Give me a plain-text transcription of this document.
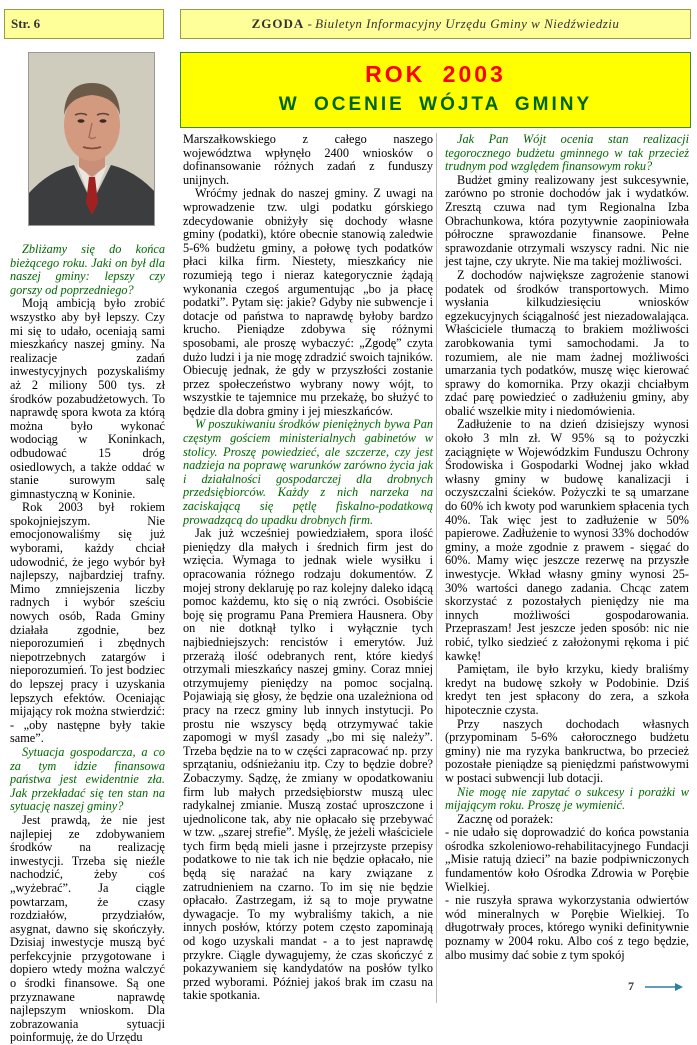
Str. 6	ZGODA - Biuletyn Informacyjny Urzędu Gminy w Niedźwiedziu
ROK 2003
W OCENIE WÓJTA GMINY

Zbliżamy się do końca bieżącego roku. Jaki on był dla naszej gminy: lepszy czy gorszy od poprzedniego?

Moją ambicją było zrobić wszystko aby był lepszy. Czy mi się to udało, oceniają sami mieszkańcy naszej gminy. Na realizacje zadań inwestycyjnych pozyskaliśmy aż 2 miliony 500 tys. zł środków pozabudżetowych. To naprawdę spora kwota za którą można było wykonać wodociąg w Koninkach, odbudować 15 dróg osiedlowych, a także oddać w stanie surowym salę gimnastyczną w Koninie.

Rok 2003 był rokiem spokojniejszym. Nie emocjonowaliśmy się już wyborami, każdy chciał udowodnić, że jego wybór był najlepszy, najbardziej trafny. Mimo zmniejszenia liczby radnych i wybór sześciu nowych osób, Rada Gminy działała zgodnie, bez nieporozumień i zbędnych niepotrzebnych zatargów i nieporozumień. To jest bodziec do lepszej pracy i uzyskania lepszych efektów. Oceniając mijający rok można stwierdzić: - „oby następne były takie same”.

Sytuacja gospodarcza, a co za tym idzie finansowa państwa jest ewidentnie zła. Jak przekładać się ten stan na sytuację naszej gminy?

Jest prawdą, że nie jest najlepiej ze zdobywaniem środków na realizację inwestycji. Trzeba się nieźle nachodzić, żeby coś „wyżebrać”. Ja ciągle powtarzam, że czasy rozdziałów, przydziałów, asygnat, dawno się skończyły. Dzisiaj inwestycje muszą być perfekcyjnie przygotowane i dopiero wtedy można walczyć o środki finansowe. Są one przyznawane naprawdę najlepszym wnioskom. Dla zobrazowania sytuacji poinformuję, że do Urzędu

Marszałkowskiego z całego naszego województwa wpłynęło 2400 wniosków o dofinansowanie różnych zadań z funduszy unijnych.

Wróćmy jednak do naszej gminy. Z uwagi na wprowadzenie tzw. ulgi podatku górskiego zdecydowanie obniżyły się dochody własne gminy (podatki), które obecnie stanowią zaledwie 5-6% budżetu gminy, a połowę tych podatków płaci kilka firm. Niestety, mieszkańcy nie rozumieją tego i nieraz kategorycznie żądają wykonania czegoś argumentując „bo ja płacę podatki”. Pytam się: jakie? Gdyby nie subwencje i dotacje od państwa to naprawdę byłoby bardzo krucho. Pieniądze zdobywa się różnymi sposobami, ale proszę wybaczyć: „Zgodę” czyta dużo ludzi i ja nie mogę zdradzić swoich tajników. Obiecuję jednak, że gdy w przyszłości zostanie przez społeczeństwo wybrany nowy wójt, to wszystkie te tajemnice mu przekażę, bo służyć to będzie dla dobra gminy i jej mieszkańców.

W poszukiwaniu środków pieniężnych bywa Pan częstym gościem ministerialnych gabinetów w stolicy. Proszę powiedzieć, ale szczerze, czy jest nadzieja na poprawę warunków zarówno życia jak i działalności gospodarczej dla drobnych przedsiębiorców. Każdy z nich narzeka na zaciskającą się pętlę fiskalno-podatkową prowadzącą do upadku drobnych firm.

Jak już wcześniej powiedziałem, spora ilość pieniędzy dla małych i średnich firm jest do wzięcia. Wymaga to jednak wiele wysiłku i opracowania różnego rodzaju dokumentów. Z mojej strony deklaruję po raz kolejny daleko idącą pomoc każdemu, kto się o nią zwróci. Osobiście boję się programu Pana Premiera Hausnera. Oby on nie dotknął tylko i wyłącznie tych najbiedniejszych: rencistów i emerytów. Już przerażą ilość odebranych rent, które kiedyś otrzymali mieszkańcy naszej gminy. Coraz mniej otrzymujemy pieniędzy na pomoc socjalną. Pojawiają się głosy, że będzie ona uzależniona od pracy na rzecz gminy lub innych instytucji. Po prostu nie wszyscy będą otrzymywać takie zapomogi w myśl zasady „bo mi się należy”. Trzeba będzie na to w części zapracować np. przy sprzątaniu, odśnieżaniu itp. Czy to będzie dobre? Zobaczymy. Sądzę, że zmiany w opodatkowaniu firm lub małych przedsiębiorstw muszą ulec radykalnej zmianie. Muszą zostać uproszczone i ujednolicone tak, aby nie opłacało się przebywać w tzw. „szarej strefie”. Myślę, że jeżeli właściciele tych firm będą mieli jasne i przejrzyste przepisy podatkowe to nie tak ich nie będzie opłacało, nie będą się narażać na kary związane z zatrudnieniem na czarno. To im się nie będzie opłacało. Zastrzegam, iż są to moje prywatne dywagacje. To my wybraliśmy takich, a nie innych posłów, którzy potem często zapominają od kogo uzyskali mandat - a to jest naprawdę przykre. Ciągle dywagujemy, że czas skończyć z pokazywaniem się kandydatów na posłów tylko przed wyborami. Później jakoś brak im czasu na takie spotkania.

Jak Pan Wójt ocenia stan realizacji tegorocznego budżetu gminnego w tak przecież trudnym pod względem finansowym roku?

Budżet gminy realizowany jest sukcesywnie, zarówno po stronie dochodów jak i wydatków. Zresztą czuwa nad tym Regionalna Izba Obrachunkowa, która pozytywnie zaopiniowała półroczne sprawozdanie finansowe. Pełne sprawozdanie otrzymali wszyscy radni. Nic nie jest tajne, czy ukryte. Nie ma takiej możliwości.

Z dochodów największe zagrożenie stanowi podatek od środków transportowych. Mimo wysłania kilkudziesięciu wniosków egzekucyjnych ściągalność jest niezadowalająca. Właściciele tłumaczą to brakiem możliwości zarobkowania tymi samochodami. Ja to rozumiem, ale nie mam żadnej możliwości umarzania tych podatków, muszę więc kierować sprawy do komornika. Przy okazji chciałbym zdać parę powiedzieć o zadłużeniu gminy, aby obalić wszelkie mity i niedomówienia.

Zadłużenie to na dzień dzisiejszy wynosi około 3 mln zł. W 95% są to pożyczki zaciągnięte w Wojewódzkim Funduszu Ochrony Środowiska i Gospodarki Wodnej jako wkład własny gminy w budowę kanalizacji i oczyszczalni ścieków. Pożyczki te są umarzane do 60% ich kwoty pod warunkiem spłacenia tych 40%. Tak więc jest to zadłużenie w 50% papierowe. Zadłużenie to wynosi 33% dochodów gminy, a może zgodnie z prawem - sięgać do 60%. Mamy więc jeszcze rezerwę na przyszłe inwestycje. Wkład własny gminy wynosi 25-30% wartości danego zadania. Chcąc zatem skorzystać z pozostałych pieniędzy nie ma innych możliwości gospodarowania. Przepraszam! Jest jeszcze jeden sposób: nic nie robić, tylko siedzieć z założonymi rękoma i pić kawkę!

Pamiętam, ile było krzyku, kiedy braliśmy kredyt na budowę szkoły w Podobinie. Dziś kredyt ten jest spłacony do zera, a szkoła hipotecznie czysta.

Przy naszych dochodach własnych (przypominam 5-6% całorocznego budżetu gminy) nie ma ryzyka bankructwa, bo przecież pozostałe pieniądze są pieniędzmi państwowymi w postaci subwencji lub dotacji.

Nie mogę nie zapytać o sukcesy i porażki w mijającym roku. Proszę je wymienić.

Zacznę od porażek:

- nie udało się doprowadzić do końca powstania ośrodka szkoleniowo-rehabilitacyjnego Fundacji „Misie ratują dzieci” na bazie podpiwniczonych fundamentów koło Ośrodka Zdrowia w Porębie Wielkiej.

- nie ruszyła sprawa wykorzystania odwiertów wód mineralnych w Porębie Wielkiej. To długotrwały proces, którego wyniki definitywnie poznamy w 2004 roku. Albo coś z tego będzie, albo musimy dać sobie z tym spokój

7
